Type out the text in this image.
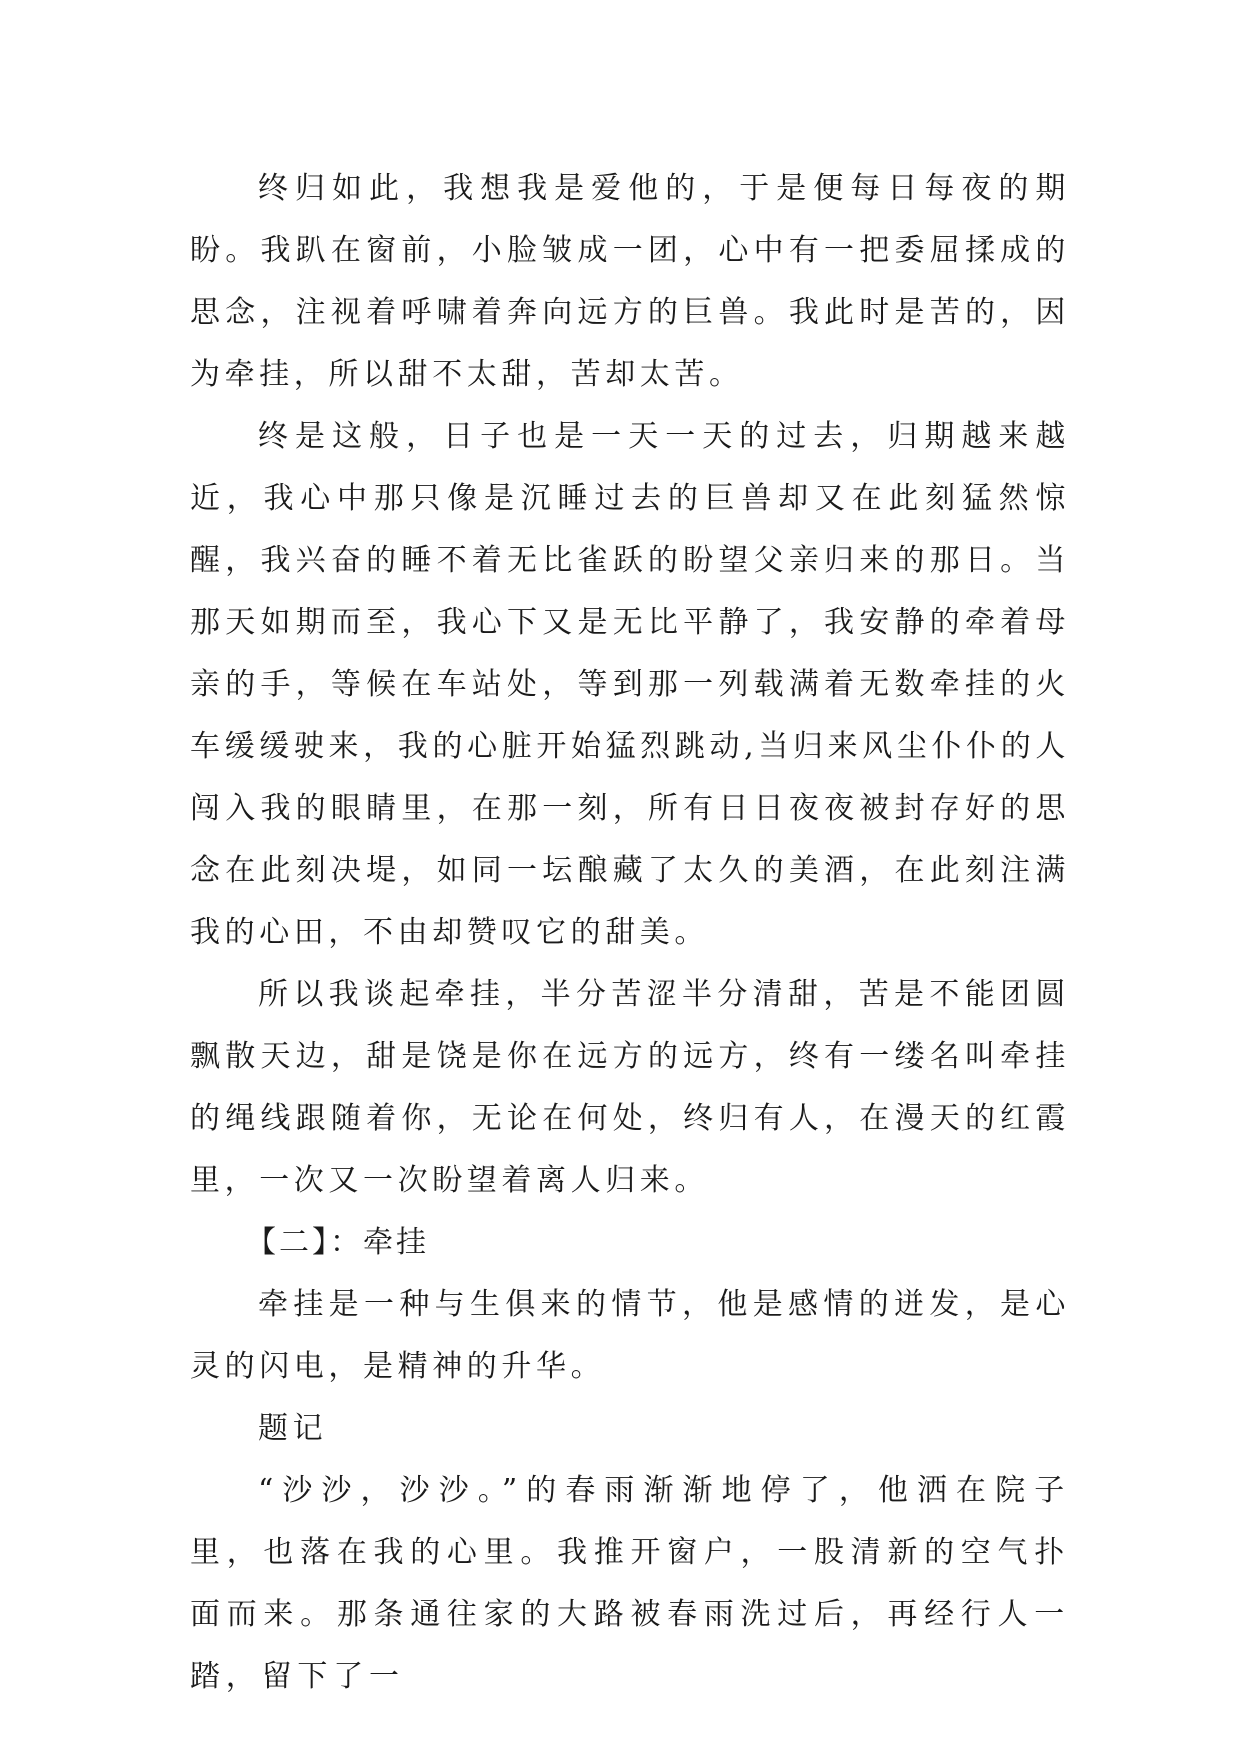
终归如此，我想我是爱他的，于是便每日每夜的期盼。我趴在窗前，小脸皱成一团，心中有一把委屈揉成的思念，注视着呼啸着奔向远方的巨兽。我此时是苦的，因为牵挂，所以甜不太甜，苦却太苦。

终是这般，日子也是一天一天的过去，归期越来越近，我心中那只像是沉睡过去的巨兽却又在此刻猛然惊醒，我兴奋的睡不着无比雀跃的盼望父亲归来的那日。当那天如期而至，我心下又是无比平静了，我安静的牵着母亲的手，等候在车站处，等到那一列载满着无数牵挂的火车缓缓驶来，我的心脏开始猛烈跳动,当归来风尘仆仆的人闯入我的眼睛里，在那一刻，所有日日夜夜被封存好的思念在此刻决堤，如同一坛酿藏了太久的美酒，在此刻注满我的心田，不由却赞叹它的甜美。

所以我谈起牵挂，半分苦涩半分清甜，苦是不能团圆飘散天边，甜是饶是你在远方的远方，终有一缕名叫牵挂的绳线跟随着你，无论在何处，终归有人，在漫天的红霞里，一次又一次盼望着离人归来。

【二】：牵挂

牵挂是一种与生俱来的情节，他是感情的迸发，是心灵的闪电，是精神的升华。

题记

“沙沙，沙沙。”的春雨渐渐地停了，他洒在院子里，也落在我的心里。我推开窗户，一股清新的空气扑面而来。那条通往家的大路被春雨洗过后，再经行人一踏，留下了一
